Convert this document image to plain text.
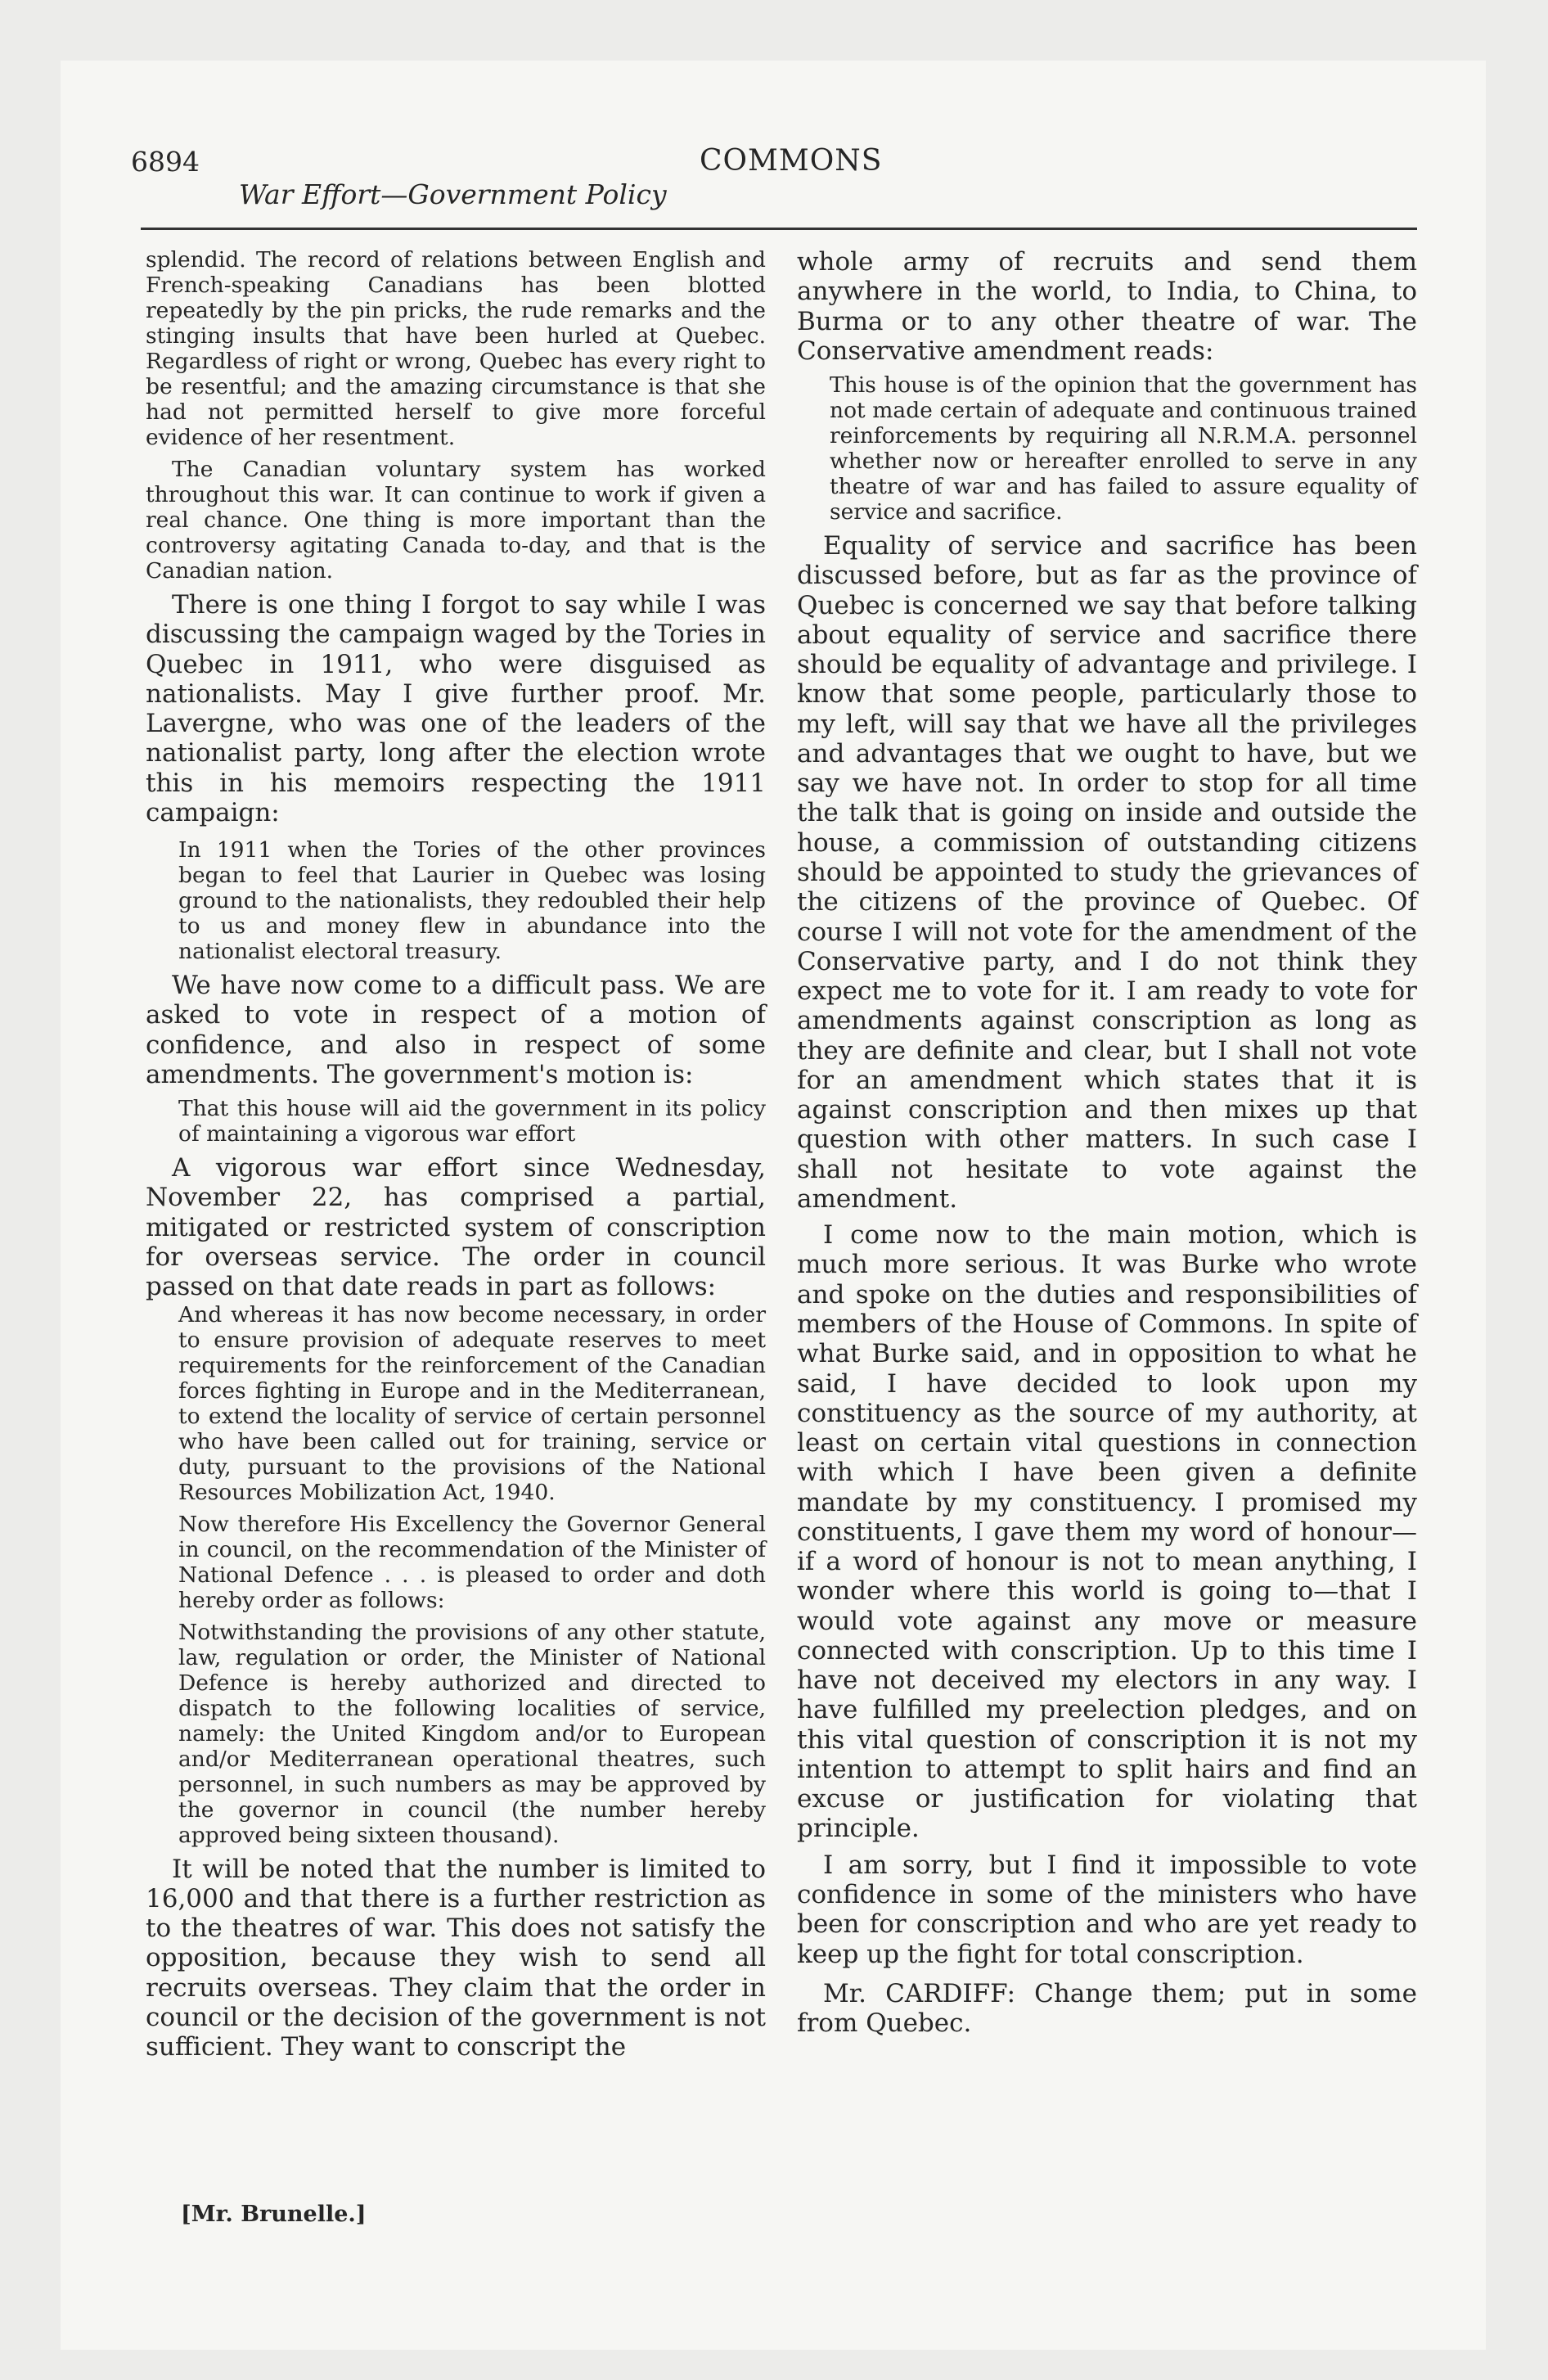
6894	COMMONS
War Effort—Government Policy

splendid. The record of relations between English and French-speaking Canadians has been blotted repeatedly by the pin pricks, the rude remarks and the stinging insults that have been hurled at Quebec. Regardless of right or wrong, Quebec has every right to be resentful; and the amazing circumstance is that she had not permitted herself to give more forceful evidence of her resentment.

The Canadian voluntary system has worked throughout this war. It can continue to work if given a real chance. One thing is more important than the controversy agitating Canada to-day, and that is the Canadian nation.

There is one thing I forgot to say while I was discussing the campaign waged by the Tories in Quebec in 1911, who were disguised as nationalists. May I give further proof. Mr. Lavergne, who was one of the leaders of the nationalist party, long after the election wrote this in his memoirs respecting the 1911 campaign:

In 1911 when the Tories of the other provinces began to feel that Laurier in Quebec was losing ground to the nationalists, they redoubled their help to us and money flew in abundance into the nationalist electoral treasury.

We have now come to a difficult pass. We are asked to vote in respect of a motion of confidence, and also in respect of some amendments. The government's motion is:

That this house will aid the government in its policy of maintaining a vigorous war effort

A vigorous war effort since Wednesday, November 22, has comprised a partial, mitigated or restricted system of conscription for overseas service. The order in council passed on that date reads in part as follows:

And whereas it has now become necessary, in order to ensure provision of adequate reserves to meet requirements for the reinforcement of the Canadian forces fighting in Europe and in the Mediterranean, to extend the locality of service of certain personnel who have been called out for training, service or duty, pursuant to the provisions of the National Resources Mobilization Act, 1940.

Now therefore His Excellency the Governor General in council, on the recommendation of the Minister of National Defence . . . is pleased to order and doth hereby order as follows:

Notwithstanding the provisions of any other statute, law, regulation or order, the Minister of National Defence is hereby authorized and directed to dispatch to the following localities of service, namely: the United Kingdom and/or to European and/or Mediterranean operational theatres, such personnel, in such numbers as may be approved by the governor in council (the number hereby approved being sixteen thousand).

It will be noted that the number is limited to 16,000 and that there is a further restriction as to the theatres of war. This does not satisfy the opposition, because they wish to send all recruits overseas. They claim that the order in council or the decision of the government is not sufficient. They want to conscript the

whole army of recruits and send them anywhere in the world, to India, to China, to Burma or to any other theatre of war. The Conservative amendment reads:

This house is of the opinion that the government has not made certain of adequate and continuous trained reinforcements by requiring all N.R.M.A. personnel whether now or hereafter enrolled to serve in any theatre of war and has failed to assure equality of service and sacrifice.

Equality of service and sacrifice has been discussed before, but as far as the province of Quebec is concerned we say that before talking about equality of service and sacrifice there should be equality of advantage and privilege. I know that some people, particularly those to my left, will say that we have all the privileges and advantages that we ought to have, but we say we have not. In order to stop for all time the talk that is going on inside and outside the house, a commission of outstanding citizens should be appointed to study the grievances of the citizens of the province of Quebec. Of course I will not vote for the amendment of the Conservative party, and I do not think they expect me to vote for it. I am ready to vote for amendments against conscription as long as they are definite and clear, but I shall not vote for an amendment which states that it is against conscription and then mixes up that question with other matters. In such case I shall not hesitate to vote against the amendment.

I come now to the main motion, which is much more serious. It was Burke who wrote and spoke on the duties and responsibilities of members of the House of Commons. In spite of what Burke said, and in opposition to what he said, I have decided to look upon my constituency as the source of my authority, at least on certain vital questions in connection with which I have been given a definite mandate by my constituency. I promised my constituents, I gave them my word of honour—if a word of honour is not to mean anything, I wonder where this world is going to—that I would vote against any move or measure connected with conscription. Up to this time I have not deceived my electors in any way. I have fulfilled my preelection pledges, and on this vital question of conscription it is not my intention to attempt to split hairs and find an excuse or justification for violating that principle.

I am sorry, but I find it impossible to vote confidence in some of the ministers who have been for conscription and who are yet ready to keep up the fight for total conscription.

Mr. CARDIFF: Change them; put in some from Quebec.

[Mr. Brunelle.]
